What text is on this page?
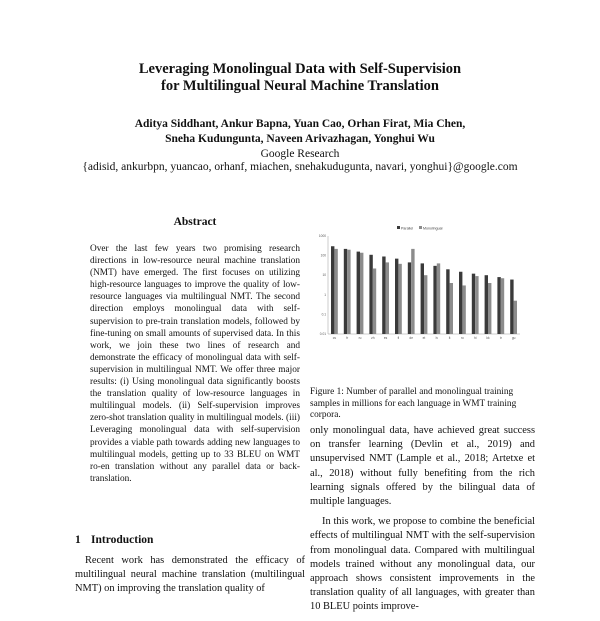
Leveraging Monolingual Data with Self-Supervision
for Multilingual Neural Machine Translation
Aditya Siddhant, Ankur Bapna, Yuan Cao, Orhan Firat, Mia Chen,
Sneha Kudungunta, Naveen Arivazhagan, Yonghui Wu
Google Research
{adisid, ankurbpn, yuancao, orhanf, miachen, snehakudugunta, navari, yonghui}@google.com
Abstract

Over the last few years two promising research directions in low-resource neural machine translation (NMT) have emerged. The first focuses on utilizing high-resource languages to improve the quality of low-resource languages via multilingual NMT. The second direction employs monolingual data with self-supervision to pre-train translation models, followed by fine-tuning on small amounts of supervised data. In this work, we join these two lines of research and demonstrate the efficacy of monolingual data with self-supervision in multilingual NMT. We offer three major results: (i) Using monolingual data significantly boosts the translation quality of low-resource languages in multilingual models. (ii) Self-supervision improves zero-shot translation quality in multilingual models. (iii) Leveraging monolingual data with self-supervision provides a viable path towards adding new languages to multilingual models, getting up to 33 BLEU on WMT ro-en translation without any parallel data or back-translation.

1 Introduction

Recent work has demonstrated the efficacy of multilingual neural machine translation (multilingual NMT) on improving the translation quality of

Parallel	Monolingual
1000
100
10
1
0.1
0.01
cs	fr	ru	zh	es	fi	de	et	lv	lt	ro	hi	kk	tr	gu
Figure 1: Number of parallel and monolingual training samples in millions for each language in WMT training corpora.

only monolingual data, have achieved great success on transfer learning (Devlin et al., 2019) and unsupervised NMT (Lample et al., 2018; Artetxe et al., 2018) without fully benefiting from the rich learning signals offered by the bilingual data of multiple languages.

In this work, we propose to combine the beneficial effects of multilingual NMT with the self-supervision from monolingual data. Compared with multilingual models trained without any monolingual data, our approach shows consistent improvements in the translation quality of all languages, with greater than 10 BLEU points improve-
